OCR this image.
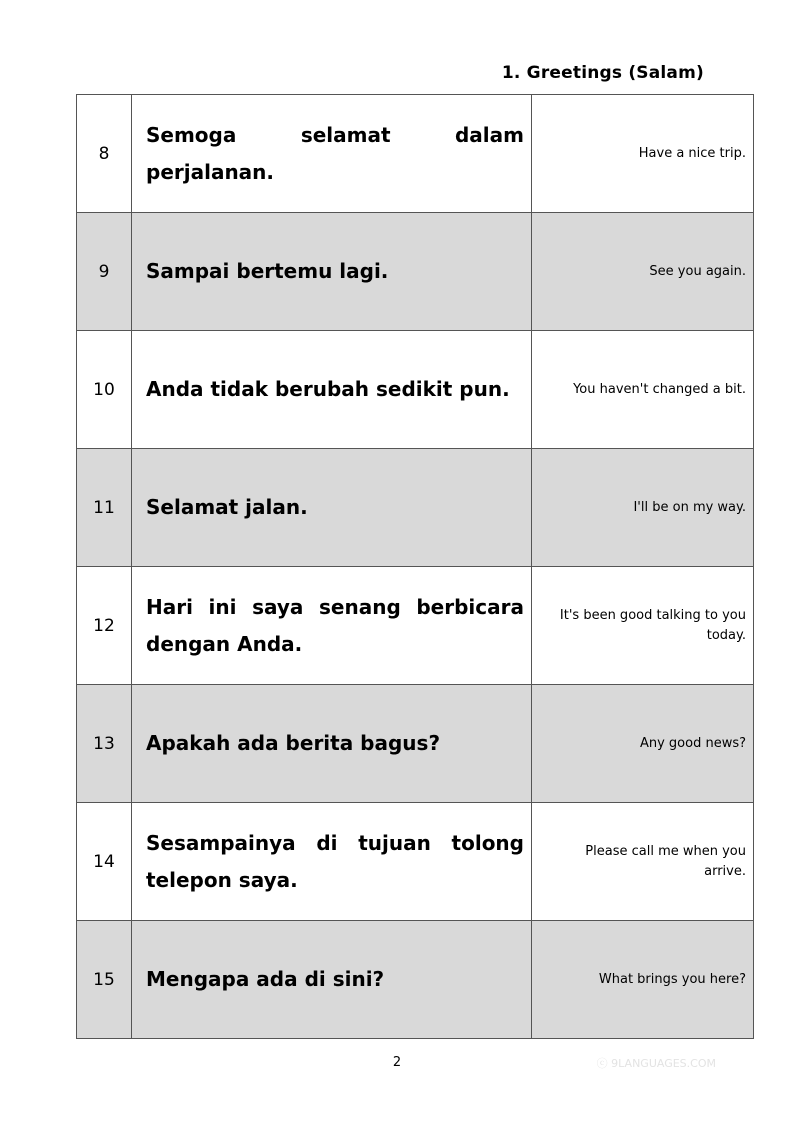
1. Greetings (Salam)
8	Semoga selamat dalam perjalanan.	Have a nice trip.
9	Sampai bertemu lagi.	See you again.
10	Anda tidak berubah sedikit pun.	You haven't changed a bit.
11	Selamat jalan.	I'll be on my way.
12	Hari ini saya senang berbicara dengan Anda.	It's been good talking to you today.
13	Apakah ada berita bagus?	Any good news?
14	Sesampainya di tujuan tolong telepon saya.	Please call me when you arrive.
15	Mengapa ada di sini?	What brings you here?
2	ⓒ 9LANGUAGES.COM
